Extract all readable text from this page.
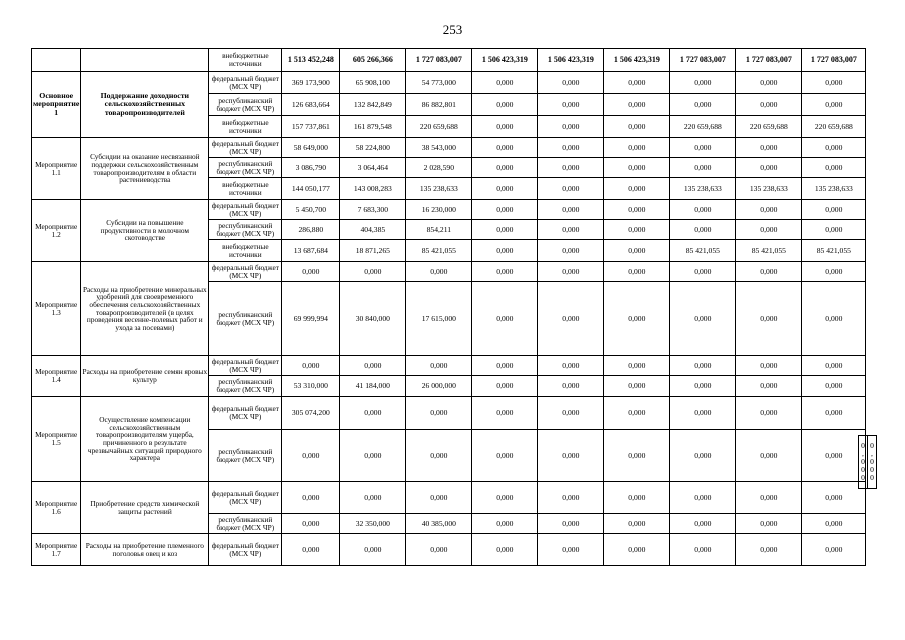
253
		внебюджетные источники	1 513 452,248	605 266,366	1 727 083,007	1 506 423,319	1 506 423,319	1 506 423,319	1 727 083,007	1 727 083,007	1 727 083,007
Основное мероприятие 1	Поддержание доходности сельскохозяйственных товаропроизводителей	федеральный бюджет (МСХ ЧР)	369 173,900	65 908,100	54 773,000	0,000	0,000	0,000	0,000	0,000	0,000
		республиканский бюджет (МСХ ЧР)	126 683,664	132 842,849	86 882,801	0,000	0,000	0,000	0,000	0,000	0,000
		внебюджетные источники	157 737,861	161 879,548	220 659,688	0,000	0,000	0,000	220 659,688	220 659,688	220 659,688
Мероприятие 1.1	Субсидии на оказание несвязанной поддержки сельскохозяйственным товаропроизводителям в области растениеводства	федеральный бюджет (МСХ ЧР)	58 649,000	58 224,800	38 543,000	0,000	0,000	0,000	0,000	0,000	0,000
		республиканский бюджет (МСХ ЧР)	3 086,790	3 064,464	2 028,590	0,000	0,000	0,000	0,000	0,000	0,000
		внебюджетные источники	144 050,177	143 008,283	135 238,633	0,000	0,000	0,000	135 238,633	135 238,633	135 238,633
Мероприятие 1.2	Субсидии на повышение продуктивности в молочном скотоводстве	федеральный бюджет (МСХ ЧР)	5 450,700	7 683,300	16 230,000	0,000	0,000	0,000	0,000	0,000	0,000
		республиканский бюджет (МСХ ЧР)	286,880	404,385	854,211	0,000	0,000	0,000	0,000	0,000	0,000
		внебюджетные источники	13 687,684	18 871,265	85 421,055	0,000	0,000	0,000	85 421,055	85 421,055	85 421,055
Мероприятие 1.3	Расходы на приобретение минеральных удобрений для своевременного обеспечения сельскохозяйственных товаропроизводителей (в целях проведения весенне-полевых работ и ухода за посевами)	федеральный бюджет (МСХ ЧР)	0,000	0,000	0,000	0,000	0,000	0,000	0,000	0,000	0,000
		республиканский бюджет (МСХ ЧР)	69 999,994	30 840,000	17 615,000	0,000	0,000	0,000	0,000	0,000	0,000
Мероприятие 1.4	Расходы на приобретение семян яровых культур	федеральный бюджет (МСХ ЧР)	0,000	0,000	0,000	0,000	0,000	0,000	0,000	0,000	0,000
		республиканский бюджет (МСХ ЧР)	53 310,000	41 184,000	26 000,000	0,000	0,000	0,000	0,000	0,000	0,000
Мероприятие 1.5	Осуществление компенсации сельскохозяйственным товаропроизводителям ущерба, причиненного в результате чрезвычайных ситуаций природного характера	федеральный бюджет (МСХ ЧР)	305 074,200	0,000	0,000	0,000	0,000	0,000	0,000	0,000	0,000
		республиканский бюджет (МСХ ЧР)	0,000	0,000	0,000	0,000	0,000	0,000	0,000	0,000	0,000
Мероприятие 1.6	Приобретение средств химической защиты растений	федеральный бюджет (МСХ ЧР)	0,000	0,000	0,000	0,000	0,000	0,000	0,000	0,000	0,000
		республиканский бюджет (МСХ ЧР)	0,000	32 350,000	40 385,000	0,000	0,000	0,000	0,000	0,000	0,000
Мероприятие 1.7	Расходы на приобретение племенного поголовья овец и коз	федеральный бюджет (МСХ ЧР)	0,000	0,000	0,000	0,000	0,000	0,000	0,000	0,000	0,000
0
,
0
0
0

0
,
0
0
0
